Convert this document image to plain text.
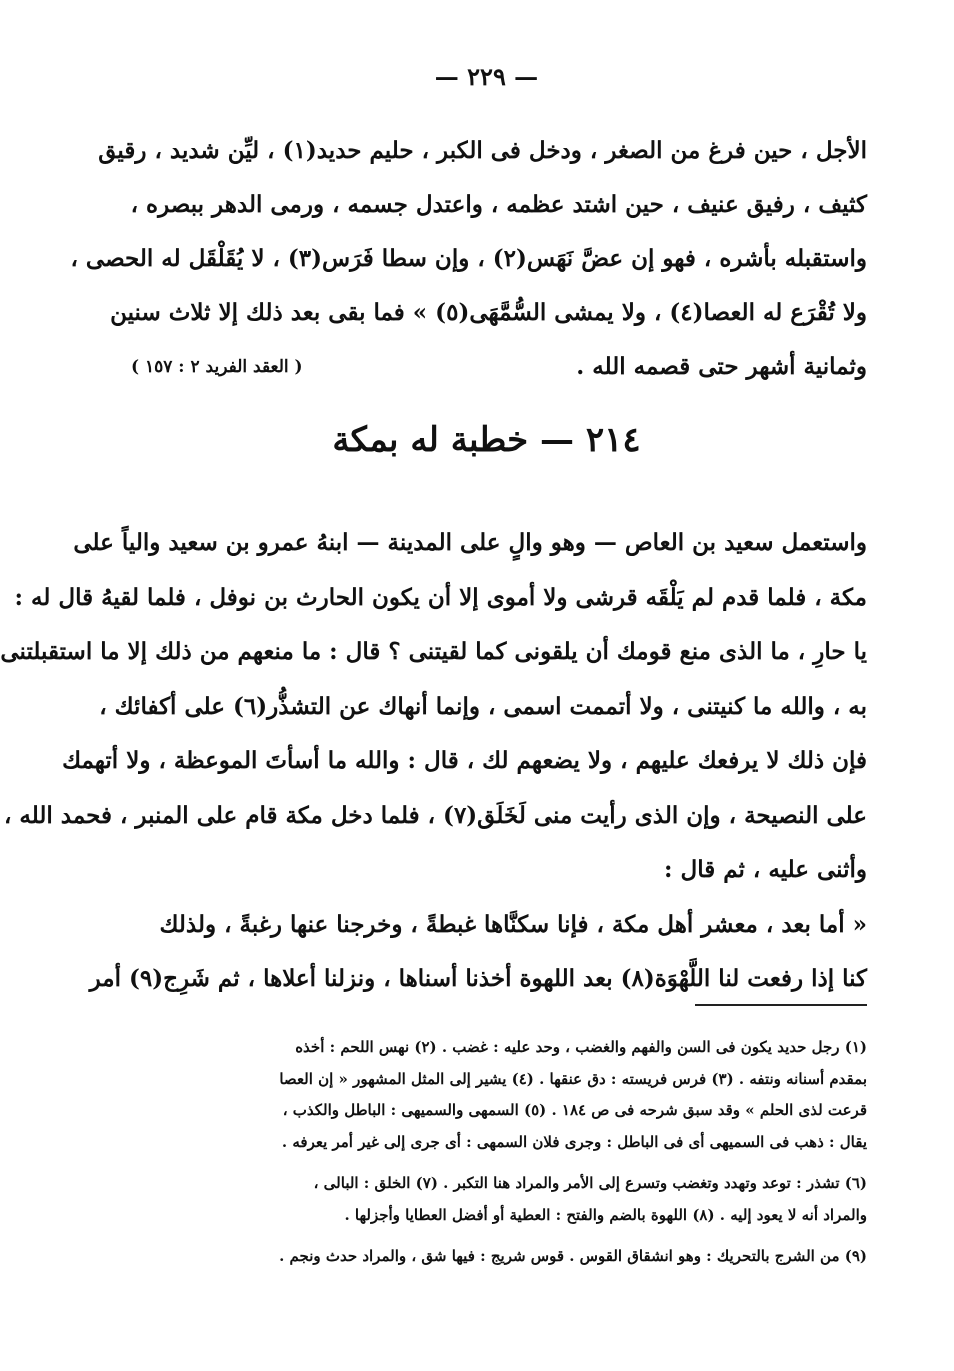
— ٢٢٩ —
الأجل ، حين فرغ من الصغر ، ودخل فى الكبر ، حليم حديد(١) ، ليِّن شديد ، رقيق
كثيف ، رفيق عنيف ، حين اشتد عظمه ، واعتدل جسمه ، ورمى الدهر ببصره ،
واستقبله بأشره ، فهو إن عضَّ نَهَس(٢) ، وإن سطا فَرَس(٣) ، لا يُقَلْقَل له الحصى ،
ولا تُقْرَع له العصا(٤) ، ولا يمشى السُّمَّهَى(٥) » فما بقى بعد ذلك إلا ثلاث سنين
وثمانية أشهر حتى قصمه الله .
( العقد الفريد ٢ : ١٥٧ )
٢١٤ — خطبة له بمكة
واستعمل سعيد بن العاص — وهو والٍ على المدينة — ابنهُ عمرو بن سعيد والياً على
مكة ، فلما قدم لم يَلْقَه قرشى ولا أموى إلا أن يكون الحارث بن نوفل ، فلما لقيهُ قال له :
يا حارِ ، ما الذى منع قومك أن يلقونى كما لقيتنى ؟ قال : ما منعهم من ذلك إلا ما استقبلتنى
به ، والله ما كنيتنى ، ولا أتممت اسمى ، وإنما أنهاك عن التشذُّر(٦) على أكفائك ،
فإن ذلك لا يرفعك عليهم ، ولا يضعهم لك ، قال : والله ما أسأتَ الموعظة ، ولا أتهمك
على النصيحة ، وإن الذى رأيت منى لَخَلَق(٧) ، فلما دخل مكة قام على المنبر ، فحمد الله ،
وأثنى عليه ، ثم قال :
« أما بعد ، معشر أهل مكة ، فإنا سكنَّاها غبطةً ، وخرجنا عنها رغبةً ، ولذلك
كنا إذا رفعت لنا اللَّهْوَة(٨) بعد اللهوة أخذنا أسناها ، ونزلنا أعلاها ، ثم شَرِج(٩) أمر
(١) رجل حديد يكون فى السن والفهم والغضب ، وحد عليه : غضب . (٢) نهس اللحم : أخذه
بمقدم أسنانه ونتفه . (٣) فرس فريسته : دق عنقها . (٤) يشير إلى المثل المشهور « إن العصا
قرعت لذى الحلم » وقد سبق شرحه فى ص ١٨٤ . (٥) السمهى والسميهى : الباطل والكذب ،
يقال : ذهب فى السميهى أى فى الباطل : وجرى فلان السمهى : أى جرى إلى غير أمر يعرفه .
(٦) تشذر : توعد وتهدد وتغضب وتسرع إلى الأمر والمراد هنا التكبر . (٧) الخلق : البالى ،
والمراد أنه لا يعود إليه . (٨) اللهوة بالضم والفتح : العطية أو أفضل العطايا وأجزلها .
(٩) من الشرج بالتحريك : وهو انشقاق القوس . قوس شريج : فيها شق ، والمراد حدث ونجم .
